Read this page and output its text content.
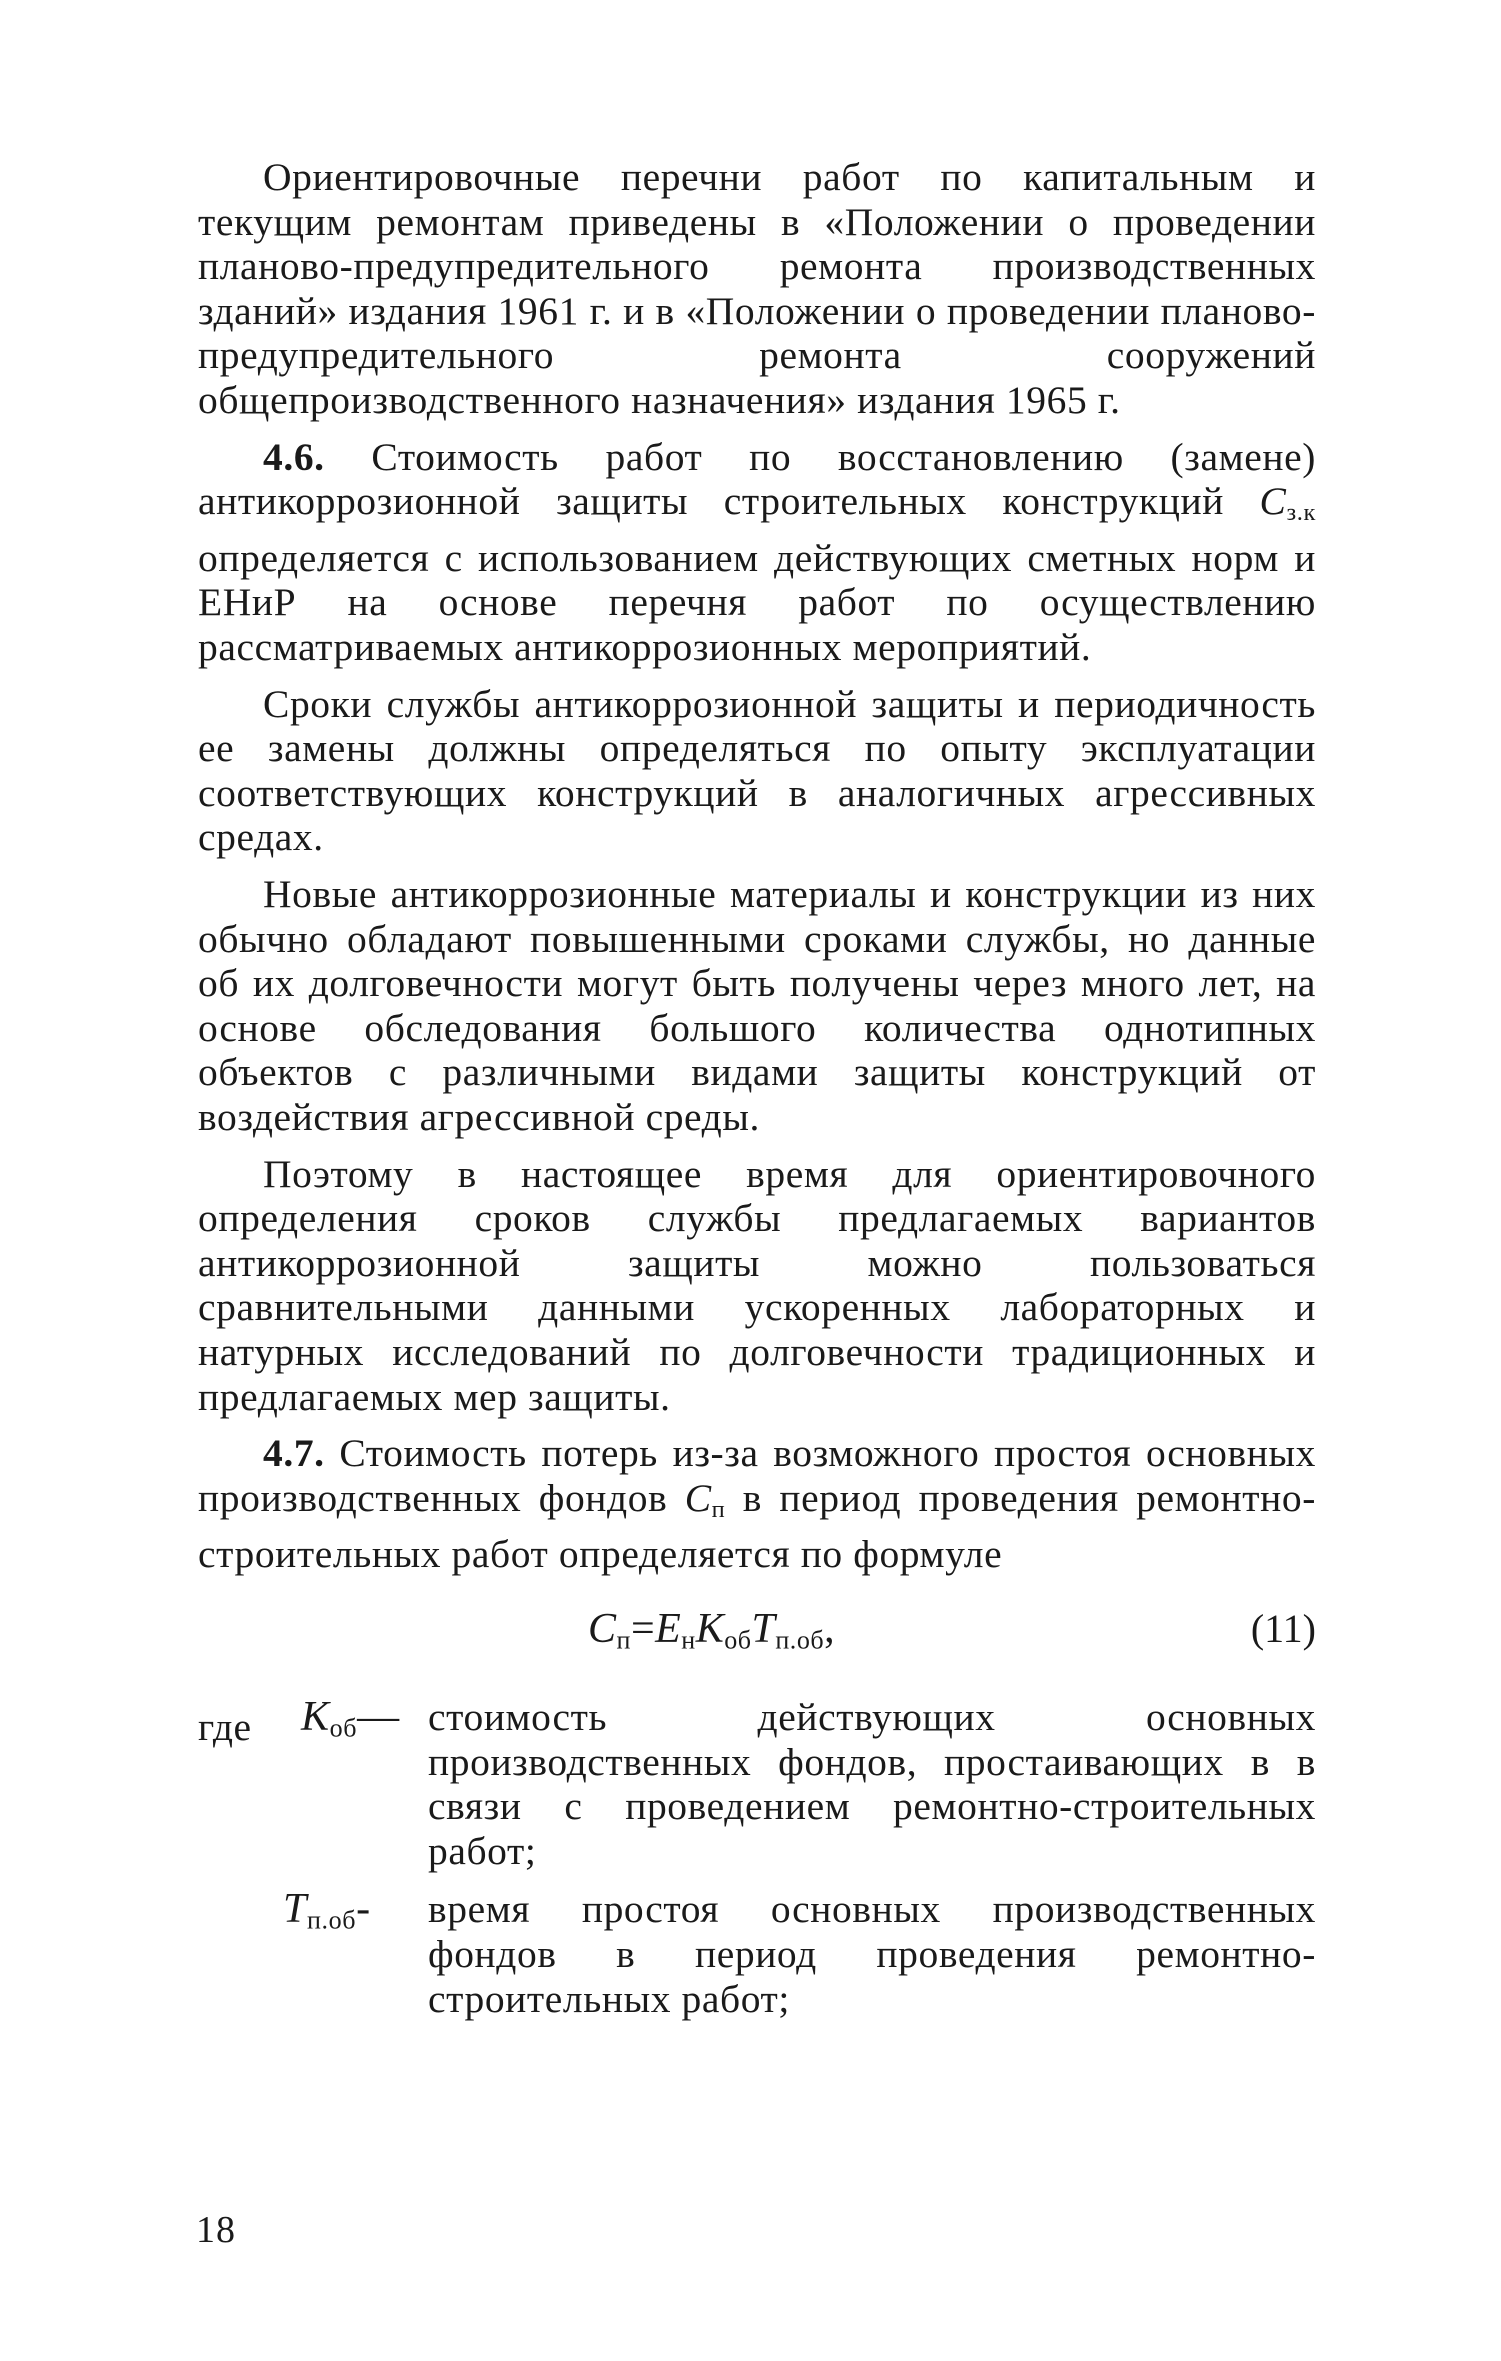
Ориентировочные перечни работ по капитальным и текущим ремонтам приведены в «Положении о проведении планово-предупредительного ремонта производственных зданий» издания 1961 г. и в «Положении о проведении планово-предупредительного ремонта сооружений общепроизводственного назначения» издания 1965 г.

4.6. Стоимость работ по восстановлению (замене) антикоррозионной защиты строительных конструкций $C_{з.к}$ определяется с использованием действующих сметных норм и ЕНиР на основе перечня работ по осуществлению рассматриваемых антикоррозионных мероприятий.

Сроки службы антикоррозионной защиты и периодичность ее замены должны определяться по опыту эксплуатации соответствующих конструкций в аналогичных агрессивных средах.

Новые антикоррозионные материалы и конструкции из них обычно обладают повышенными сроками службы, но данные об их долговечности могут быть получены через много лет, на основе обследования большого количества однотипных объектов с различными видами защиты конструкций от воздействия агрессивной среды.

Поэтому в настоящее время для ориентировочного определения сроков службы предлагаемых вариантов антикоррозионной защиты можно пользоваться сравнительными данными ускоренных лабораторных и натурных исследований по долговечности традиционных и предлагаемых мер защиты.

4.7. Стоимость потерь из-за возможного простоя основных производственных фондов $C_п$ в период проведения ремонтно-строительных работ определяется по формуле

$C_п=E_нK_{об}T_{п.об}$,	(11)
где $K_{об}—$ стоимость действующих основных производственных фондов, простаивающих в в связи с проведением ремонтно-строительных работ;
$T_{п.об}-$ время простоя основных производственных фондов в период проведения ремонтно-строительных работ;
18
